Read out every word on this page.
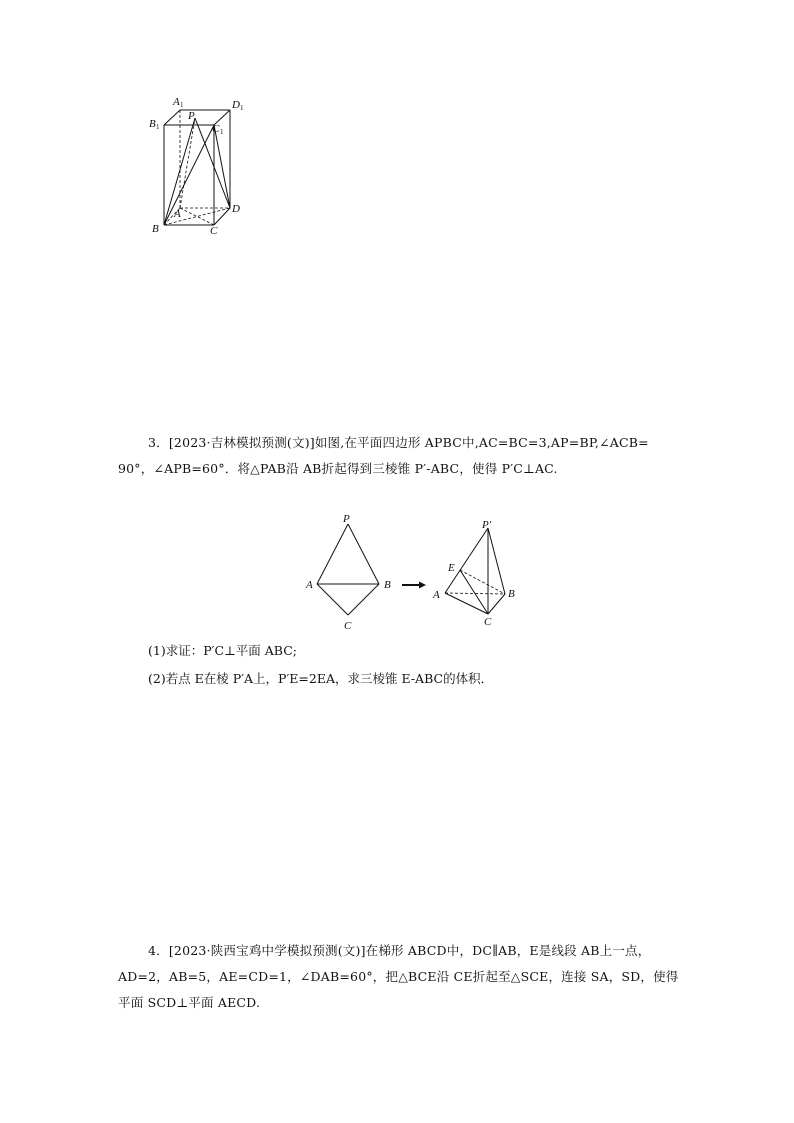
A 1
B 1
P
C 1
D 1
A	D
B	C
3．[2023·吉林模拟预测(文)]如图,在平面四边形 APBC中,AC=BC=3,AP=BP,∠ACB=
90°，∠APB=60°．将△PAB沿 AB折起得到三棱锥 P′-ABC，使得 P′C⊥AC.
P
A	B
C
P′
E
A	B
C
(1)求证：P′C⊥平面 ABC;
(2)若点 E在棱 P′A上，P′E=2EA，求三棱锥 E-ABC的体积．
4．[2023·陕西宝鸡中学模拟预测(文)]在梯形 ABCD中，DC∥AB，E是线段 AB上一点，
AD=2，AB=5，AE=CD=1，∠DAB=60°，把△BCE沿 CE折起至△SCE，连接 SA，SD，使得
平面 SCD⊥平面 AECD.
